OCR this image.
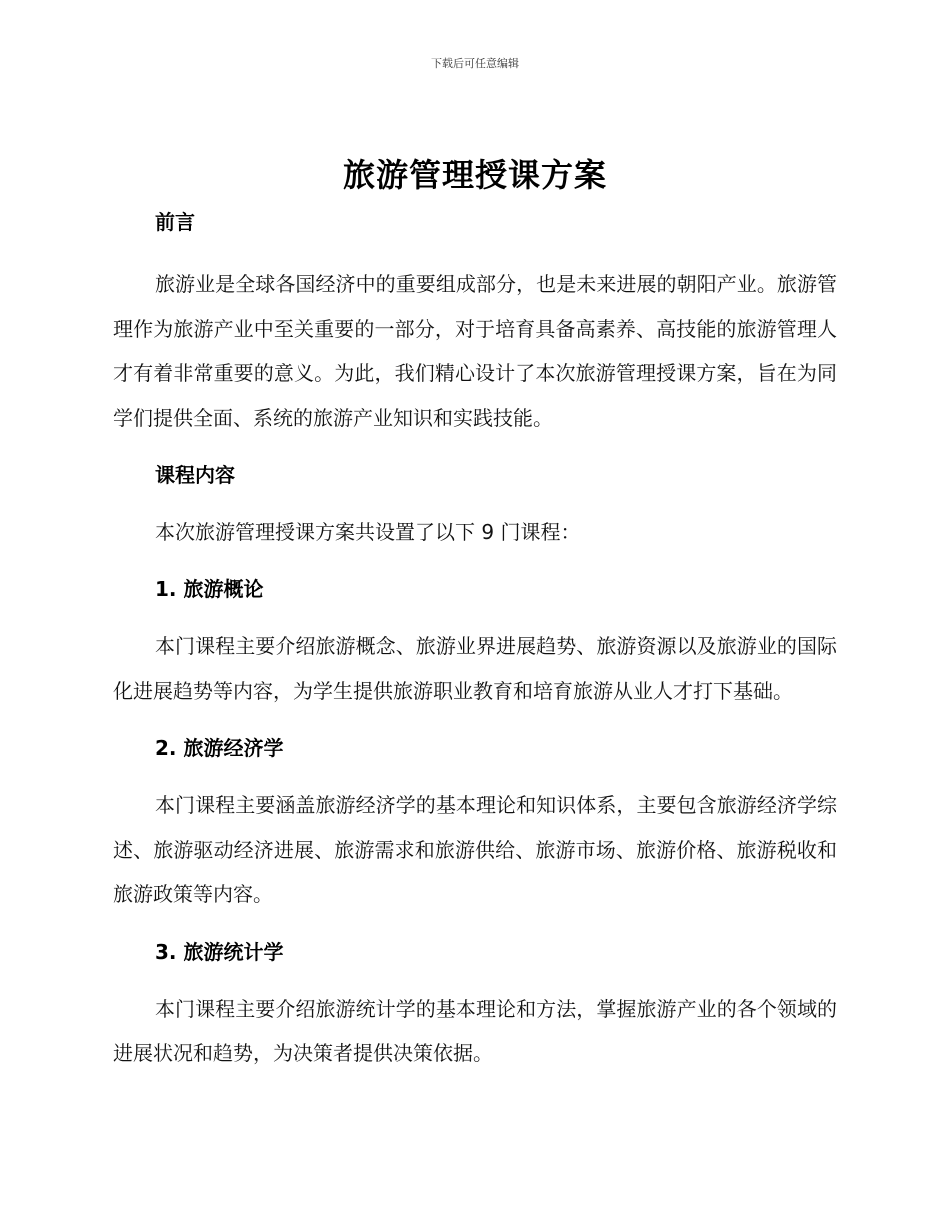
下载后可任意编辑
旅游管理授课方案

前言

旅游业是全球各国经济中的重要组成部分，也是未来进展的朝阳产业。旅游管理作为旅游产业中至关重要的一部分，对于培育具备高素养、高技能的旅游管理人才有着非常重要的意义。为此，我们精心设计了本次旅游管理授课方案，旨在为同学们提供全面、系统的旅游产业知识和实践技能。

课程内容

本次旅游管理授课方案共设置了以下 9 门课程：

1. 旅游概论

本门课程主要介绍旅游概念、旅游业界进展趋势、旅游资源以及旅游业的国际化进展趋势等内容，为学生提供旅游职业教育和培育旅游从业人才打下基础。

2. 旅游经济学

本门课程主要涵盖旅游经济学的基本理论和知识体系，主要包含旅游经济学综述、旅游驱动经济进展、旅游需求和旅游供给、旅游市场、旅游价格、旅游税收和旅游政策等内容。

3. 旅游统计学

本门课程主要介绍旅游统计学的基本理论和方法，掌握旅游产业的各个领域的进展状况和趋势，为决策者提供决策依据。
